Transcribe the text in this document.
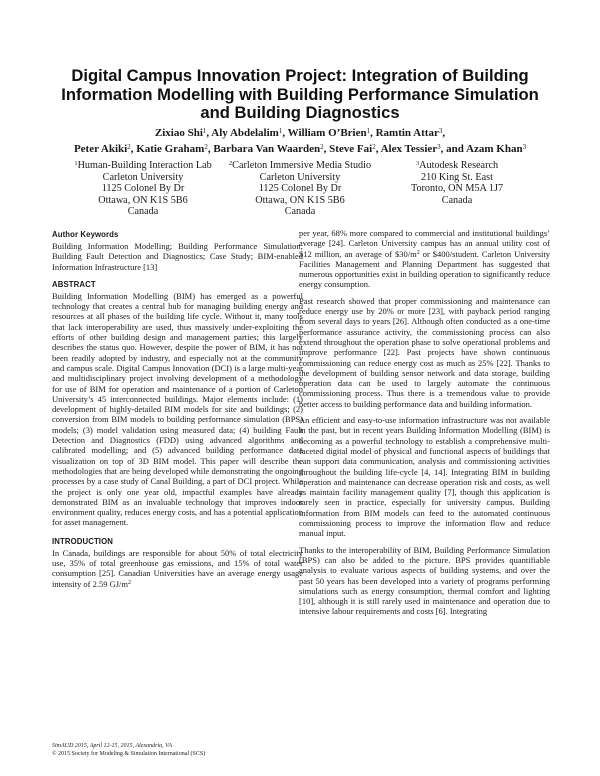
Digital Campus Innovation Project: Integration of Building Information Modelling with Building Performance Simulation and Building Diagnostics
Zixiao Shi$^1$, Aly Abdelalim$^1$, William O’Brien$^1$, Ramtin Attar$^3$,
Peter Akiki$^2$, Katie Graham$^2$, Barbara Van Waarden$^2$, Steve Fai$^2$, Alex Tessier$^3$, and Azam Khan$^3$
$^1$Human-Building Interaction Lab
Carleton University
1125 Colonel By Dr
Ottawa, ON K1S 5B6
Canada
$^2$Carleton Immersive Media Studio
Carleton University
1125 Colonel By Dr
Ottawa, ON K1S 5B6
Canada
$^3$Autodesk Research
210 King St. East
Toronto, ON M5A 1J7
Canada
Author Keywords

Building Information Modelling; Building Performance Simulation; Building Fault Detection and Diagnostics; Case Study; BIM-enabled Information Infrastructure [13]

ABSTRACT

Building Information Modelling (BIM) has emerged as a powerful technology that creates a central hub for managing building energy and resources at all phases of the building life cycle. Without it, many tools that lack interoperability are used, thus massively under-exploiting the efforts of other building design and management parties; this largely describes the status quo. However, despite the power of BIM, it has not been readily adopted by industry, and especially not at the community and campus scale. Digital Campus Innovation (DCI) is a large multi-year and multidisciplinary project involving development of a methodology for use of BIM for operation and maintenance of a portion of Carleton University’s 45 interconnected buildings. Major elements include: (1) development of highly-detailed BIM models for site and buildings; (2) conversion from BIM models to building performance simulation (BPS) models; (3) model validation using measured data; (4) building Fault Detection and Diagnostics (FDD) using advanced algorithms and calibrated modelling; and (5) advanced building performance data visualization on top of 3D BIM model. This paper will describe the methodologies that are being developed while demonstrating the ongoing processes by a case study of Canal Building, a part of DCI project. While the project is only one year old, impactful examples have already demonstrated BIM as an invaluable technology that improves indoor environment quality, reduces energy costs, and has a potential application for asset management.

INTRODUCTION

In Canada, buildings are responsible for about 50% of total electricity use, 35% of total greenhouse gas emissions, and 15% of total water consumption [25]. Canadian Universities have an average energy usage intensity of 2.59 $GJ/m^2$

per year, 68% more compared to commercial and institutional buildings’ average [24]. Carleton University campus has an annual utility cost of $12 million, an average of $\$30/m^2$ or $400/student. Carleton University Facilities Management and Planning Department has suggested that numerous opportunities exist in building operation to significantly reduce energy consumption.

Past research showed that proper commissioning and maintenance can reduce energy use by 20% or more [23], with payback period ranging from several days to years [26]. Although often conducted as a one-time performance assurance activity, the commissioning process can also extend throughout the operation phase to solve operational problems and improve performance [22]. Past projects have shown continuous commissioning can reduce energy cost as much as 25% [22]. Thanks to the development of building sensor network and data storage, building operation data can be used to largely automate the continuous commissioning process. Thus there is a tremendous value to provide better access to building performance data and building information.

An efficient and easy-to-use information infrastructure was not available in the past, but in recent years Building Information Modelling (BIM) is becoming as a powerful technology to establish a comprehensive multi-faceted digital model of physical and functional aspects of buildings that can support data communication, analysis and commissioning activities throughout the building life-cycle [4, 14]. Integrating BIM in building operation and maintenance can decrease operation risk and costs, as well as maintain facility management quality [7], though this application is rarely seen in practice, especially for university campus. Building information from BIM models can feed to the automated continuous commissioning process to improve the information flow and reduce manual input.

Thanks to the interoperability of BIM, Building Performance Simulation (BPS) can also be added to the picture. BPS provides quantifiable analysis to evaluate various aspects of building systems, and over the past 50 years has been developed into a variety of programs performing simulations such as energy consumption, thermal comfort and lighting [10], although it is still rarely used in maintenance and operation due to intensive labour requirements and costs [6]. Integrating

SimAUD 2015, April 12-15, 2015, Alexandria, VA
© 2015 Society for Modeling & Simulation International (SCS)
